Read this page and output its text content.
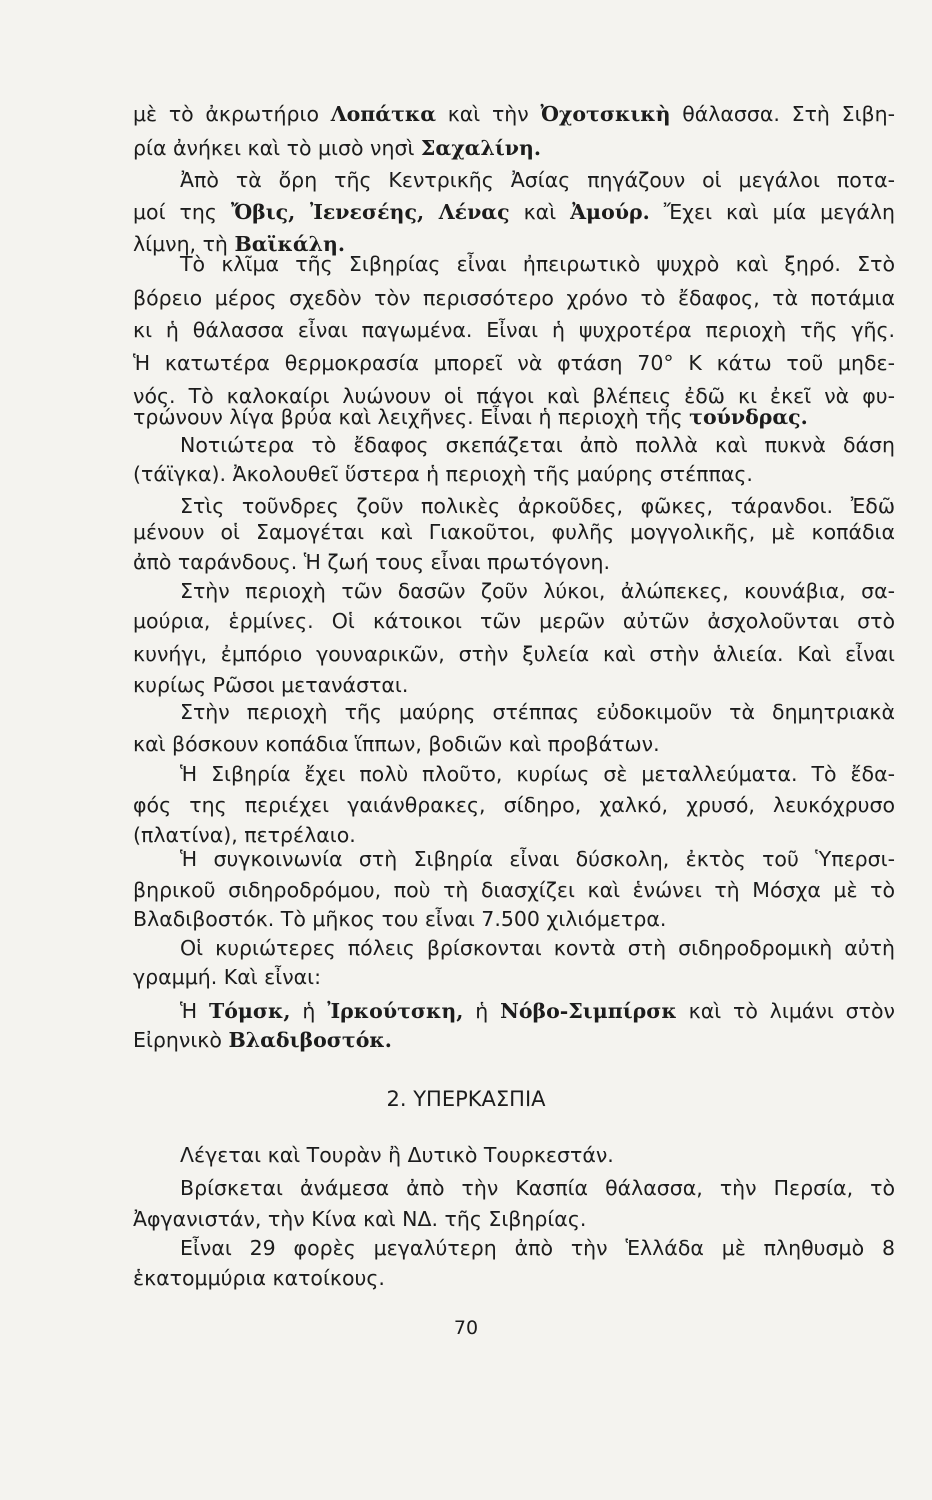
μὲ τὸ ἀκρωτήριο Λοπάτκα καὶ τὴν Ὀχοτσκικὴ θάλασσα. Στὴ Σιβη-
ρία ἀνήκει καὶ τὸ μισὸ νησὶ Σαχαλίνη.
Ἀπὸ τὰ ὄρη τῆς Κεντρικῆς Ἀσίας πηγάζουν οἱ μεγάλοι ποτα-
μοί της Ὄβις, Ἰενεσέης, Λένας καὶ Ἀμούρ. Ἔχει καὶ μία μεγάλη
λίμνη, τὴ Βαϊκάλη.
Τὸ κλῖμα τῆς Σιβηρίας εἶναι ἠπειρωτικὸ ψυχρὸ καὶ ξηρό. Στὸ
βόρειο μέρος σχεδὸν τὸν περισσότερο χρόνο τὸ ἔδαφος, τὰ ποτάμια
κι ἡ θάλασσα εἶναι παγωμένα. Εἶναι ἡ ψυχροτέρα περιοχὴ τῆς γῆς.
Ἡ κατωτέρα θερμοκρασία μπορεῖ νὰ φτάση 70° Κ κάτω τοῦ μηδε-
νός. Τὸ καλοκαίρι λυώνουν οἱ πάγοι καὶ βλέπεις ἐδῶ κι ἐκεῖ νὰ φυ-
τρώνουν λίγα βρύα καὶ λειχῆνες. Εἶναι ἡ περιοχὴ τῆς τούνδρας.
Νοτιώτερα τὸ ἔδαφος σκεπάζεται ἀπὸ πολλὰ καὶ πυκνὰ δάση
(τάϊγκα). Ἀκολουθεῖ ὕστερα ἡ περιοχὴ τῆς μαύρης στέππας.
Στὶς τοῦνδρες ζοῦν πολικὲς ἀρκοῦδες, φῶκες, τάρανδοι. Ἐδῶ
μένουν οἱ Σαμογέται καὶ Γιακοῦτοι, φυλῆς μογγολικῆς, μὲ κοπάδια
ἀπὸ ταράνδους. Ἡ ζωή τους εἶναι πρωτόγονη.
Στὴν περιοχὴ τῶν δασῶν ζοῦν λύκοι, ἀλώπεκες, κουνάβια, σα-
μούρια, ἑρμίνες. Οἱ κάτοικοι τῶν μερῶν αὐτῶν ἀσχολοῦνται στὸ
κυνήγι, ἐμπόριο γουναρικῶν, στὴν ξυλεία καὶ στὴν ἁλιεία. Καὶ εἶναι
κυρίως Ρῶσοι μετανάσται.
Στὴν περιοχὴ τῆς μαύρης στέππας εὐδοκιμοῦν τὰ δημητριακὰ
καὶ βόσκουν κοπάδια ἵππων, βοδιῶν καὶ προβάτων.
Ἡ Σιβηρία ἔχει πολὺ πλοῦτο, κυρίως σὲ μεταλλεύματα. Τὸ ἔδα-
φός της περιέχει γαιάνθρακες, σίδηρο, χαλκό, χρυσό, λευκόχρυσο
(πλατίνα), πετρέλαιο.
Ἡ συγκοινωνία στὴ Σιβηρία εἶναι δύσκολη, ἐκτὸς τοῦ Ὑπερσι-
βηρικοῦ σιδηροδρόμου, ποὺ τὴ διασχίζει καὶ ἑνώνει τὴ Μόσχα μὲ τὸ
Βλαδιβοστόκ. Τὸ μῆκος του εἶναι 7.500 χιλιόμετρα.
Οἱ κυριώτερες πόλεις βρίσκονται κοντὰ στὴ σιδηροδρομικὴ αὐτὴ
γραμμή. Καὶ εἶναι:
Ἡ Τόμσκ, ἡ Ἰρκούτσκη, ἡ Νόβο-Σιμπίρσκ καὶ τὸ λιμάνι στὸν
Εἰρηνικὸ Βλαδιβοστόκ.
2. ΥΠΕΡΚΑΣΠΙΑ
Λέγεται καὶ Τουρὰν ἢ Δυτικὸ Τουρκεστάν.
Βρίσκεται ἀνάμεσα ἀπὸ τὴν Κασπία θάλασσα, τὴν Περσία, τὸ
Ἀφγανιστάν, τὴν Κίνα καὶ ΝΔ. τῆς Σιβηρίας.
Εἶναι 29 φορὲς μεγαλύτερη ἀπὸ τὴν Ἑλλάδα μὲ πληθυσμὸ 8
ἑκατομμύρια κατοίκους.
70
